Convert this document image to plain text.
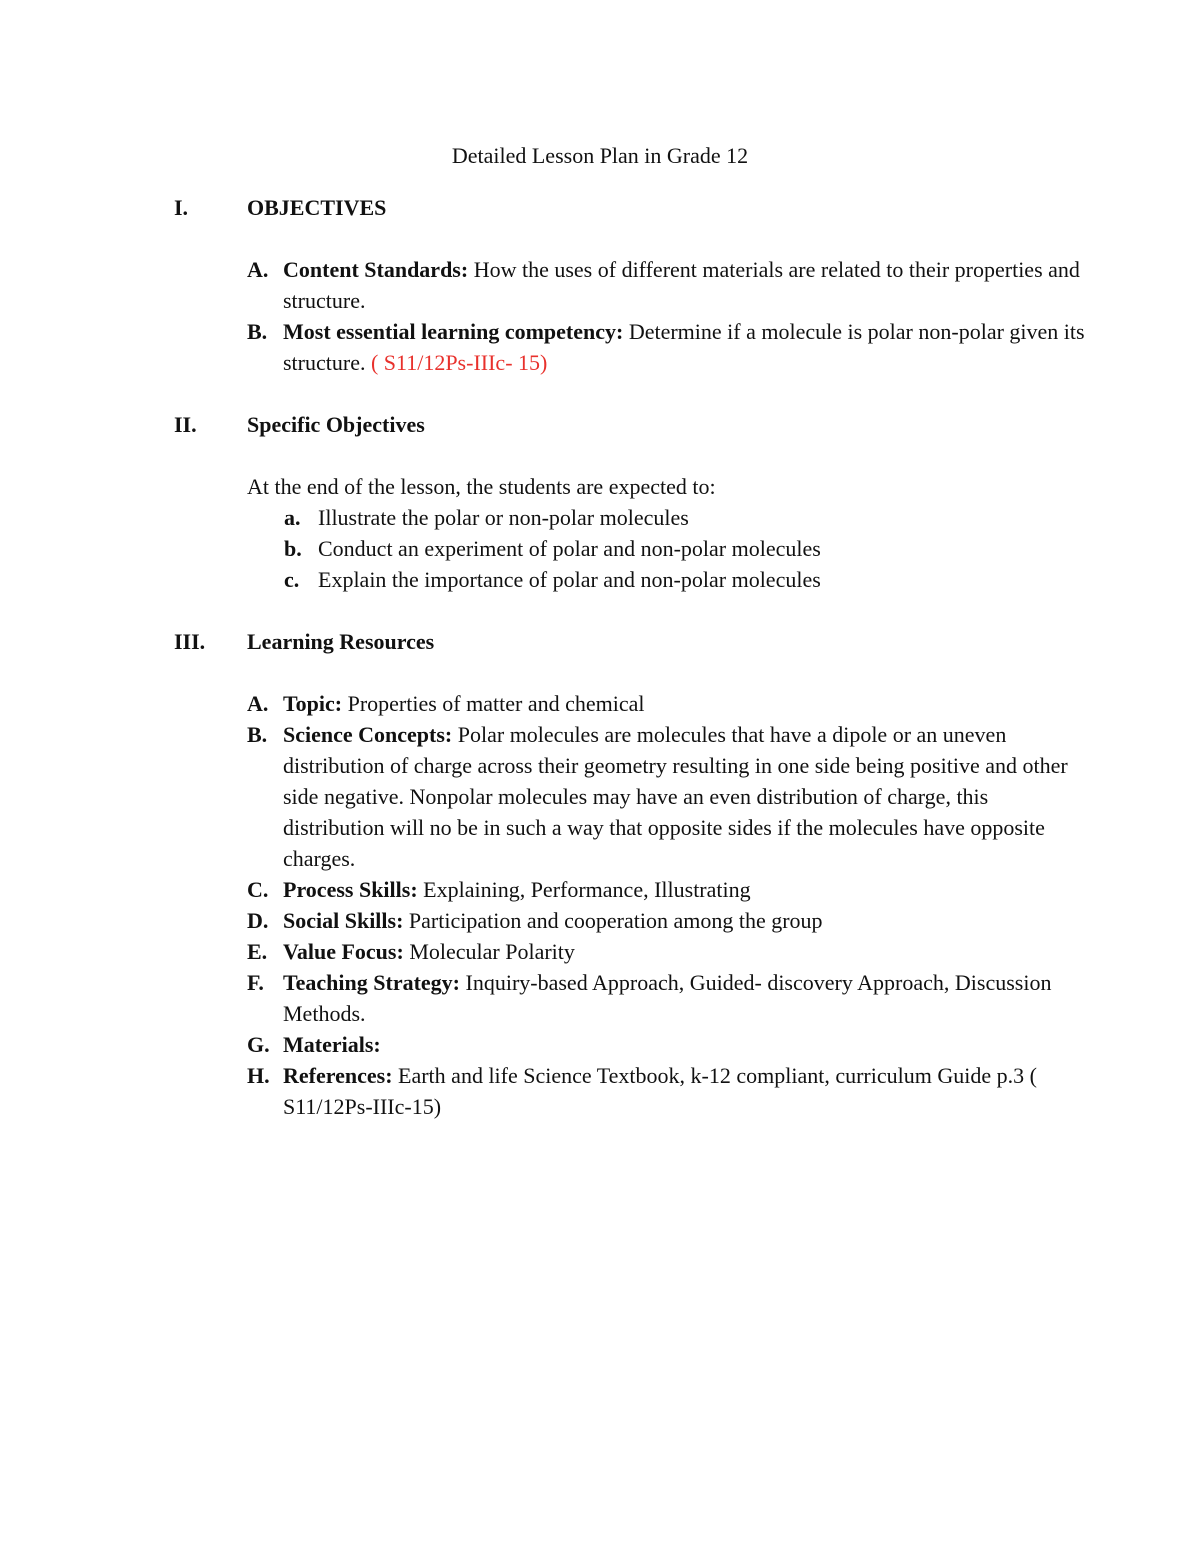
Detailed Lesson Plan in Grade 12
I.	OBJECTIVES
A. Content Standards: How the uses of different materials are related to their properties and structure.
B. Most essential learning competency: Determine if a molecule is polar non-polar given its structure. ( S11/12Ps-IIIc- 15)
II. Specific Objectives
At the end of the lesson, the students are expected to:
a. Illustrate the polar or non-polar molecules
b. Conduct an experiment of polar and non-polar molecules
c. Explain the importance of polar and non-polar molecules
III. Learning Resources
A. Topic: Properties of matter and chemical
B. Science Concepts: Polar molecules are molecules that have a dipole or an uneven distribution of charge across their geometry resulting in one side being positive and other side negative. Nonpolar molecules may have an even distribution of charge, this distribution will no be in such a way that opposite sides if the molecules have opposite charges.
C. Process Skills: Explaining, Performance, Illustrating
D. Social Skills: Participation and cooperation among the group
E. Value Focus: Molecular Polarity
F. Teaching Strategy: Inquiry-based Approach, Guided- discovery Approach, Discussion Methods.
G. Materials:
H. References: Earth and life Science Textbook, k-12 compliant, curriculum Guide p.3 ( S11/12Ps-IIIc-15)
